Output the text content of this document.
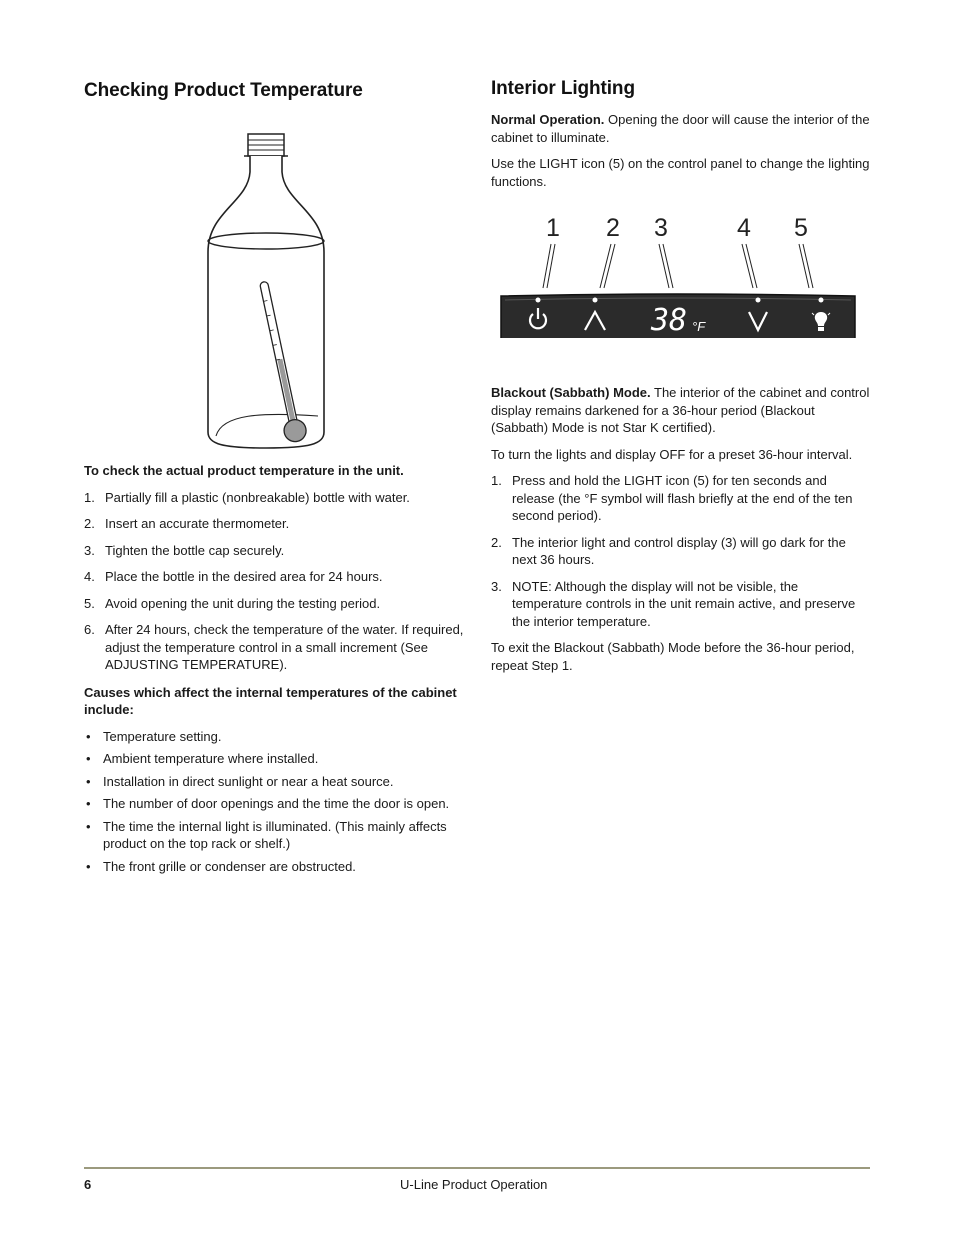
Checking Product Temperature

To check the actual product temperature in the unit.

1. Partially fill a plastic (nonbreakable) bottle with water.
2. Insert an accurate thermometer.
3. Tighten the bottle cap securely.
4. Place the bottle in the desired area for 24 hours.
5. Avoid opening the unit during the testing period.
6. After 24 hours, check the temperature of the water. If required, adjust the temperature control in a small increment (See ADJUSTING TEMPERATURE).

Causes which affect the internal temperatures of the cabinet include:

• Temperature setting.
• Ambient temperature where installed.
• Installation in direct sunlight or near a heat source.
• The number of door openings and the time the door is open.
• The time the internal light is illuminated. (This mainly affects product on the top rack or shelf.)
• The front grille or condenser are obstructed.
Interior Lighting

Normal Operation. Opening the door will cause the interior of the cabinet to illuminate.

Use the LIGHT icon (5) on the control panel to change the lighting functions.

1 2 3	4 5
38 °F

Blackout (Sabbath) Mode. The interior of the cabinet and control display remains darkened for a 36-hour period (Blackout (Sabbath) Mode is not Star K certified).

To turn the lights and display OFF for a preset 36-hour interval.

1. Press and hold the LIGHT icon (5) for ten seconds and release (the °F symbol will flash briefly at the end of the ten second period).
2. The interior light and control display (3) will go dark for the next 36 hours.
3. NOTE: Although the display will not be visible, the temperature controls in the unit remain active, and preserve the interior temperature.

To exit the Blackout (Sabbath) Mode before the 36-hour period, repeat Step 1.

6	U-Line Product Operation
